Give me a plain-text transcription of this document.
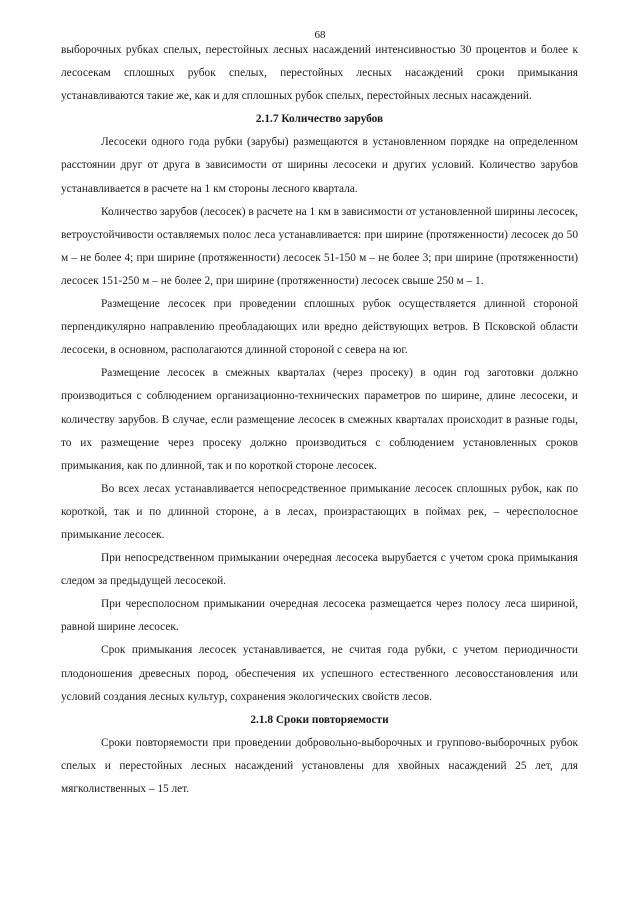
68

выборочных рубках спелых, перестойных лесных насаждений интенсивностью 30 процентов и более к лесосекам сплошных рубок спелых, перестойных лесных насаждений сроки примыкания устанавливаются такие же, как и для сплошных рубок спелых, перестойных лесных насаждений.

2.1.7 Количество зарубов

Лесосеки одного года рубки (зарубы) размещаются в установленном порядке на определенном расстоянии друг от друга в зависимости от ширины лесосеки и других условий. Количество зарубов устанавливается в расчете на 1 км стороны лесного квартала.

Количество зарубов (лесосек) в расчете на 1 км в зависимости от установленной ширины лесосек, ветроустойчивости оставляемых полос леса устанавливается: при ширине (протяженности) лесосек до 50 м – не более 4; при ширине (протяженности) лесосек 51-150 м – не более 3; при ширине (протяженности) лесосек 151-250 м – не более 2, при ширине (протяженности) лесосек свыше 250 м – 1.

Размещение лесосек при проведении сплошных рубок осуществляется длинной стороной перпендикулярно направлению преобладающих или вредно действующих ветров. В Псковской области лесосеки, в основном, располагаются длинной стороной с севера на юг.

Размещение лесосек в смежных кварталах (через просеку) в один год заготовки должно производиться с соблюдением организационно-технических параметров по ширине, длине лесосеки, и количеству зарубов. В случае, если размещение лесосек в смежных кварталах происходит в разные годы, то их размещение через просеку должно производиться с соблюдением установленных сроков примыкания, как по длинной, так и по короткой стороне лесосек.

Во всех лесах устанавливается непосредственное примыкание лесосек сплошных рубок, как по короткой, так и по длинной стороне, а в лесах, произрастающих в поймах рек, – чересполосное примыкание лесосек.

При непосредственном примыкании очередная лесосека вырубается с учетом срока примыкания следом за предыдущей лесосекой.

При чересполосном примыкании очередная лесосека размещается через полосу леса шириной, равной ширине лесосек.

Срок примыкания лесосек устанавливается, не считая года рубки, с учетом периодичности плодоношения древесных пород, обеспечения их успешного естественного лесовосстановления или условий создания лесных культур, сохранения экологических свойств лесов.

2.1.8 Сроки повторяемости

Сроки повторяемости при проведении добровольно-выборочных и группово-выборочных рубок спелых и перестойных лесных насаждений установлены для хвойных насаждений 25 лет, для мягколиственных – 15 лет.
